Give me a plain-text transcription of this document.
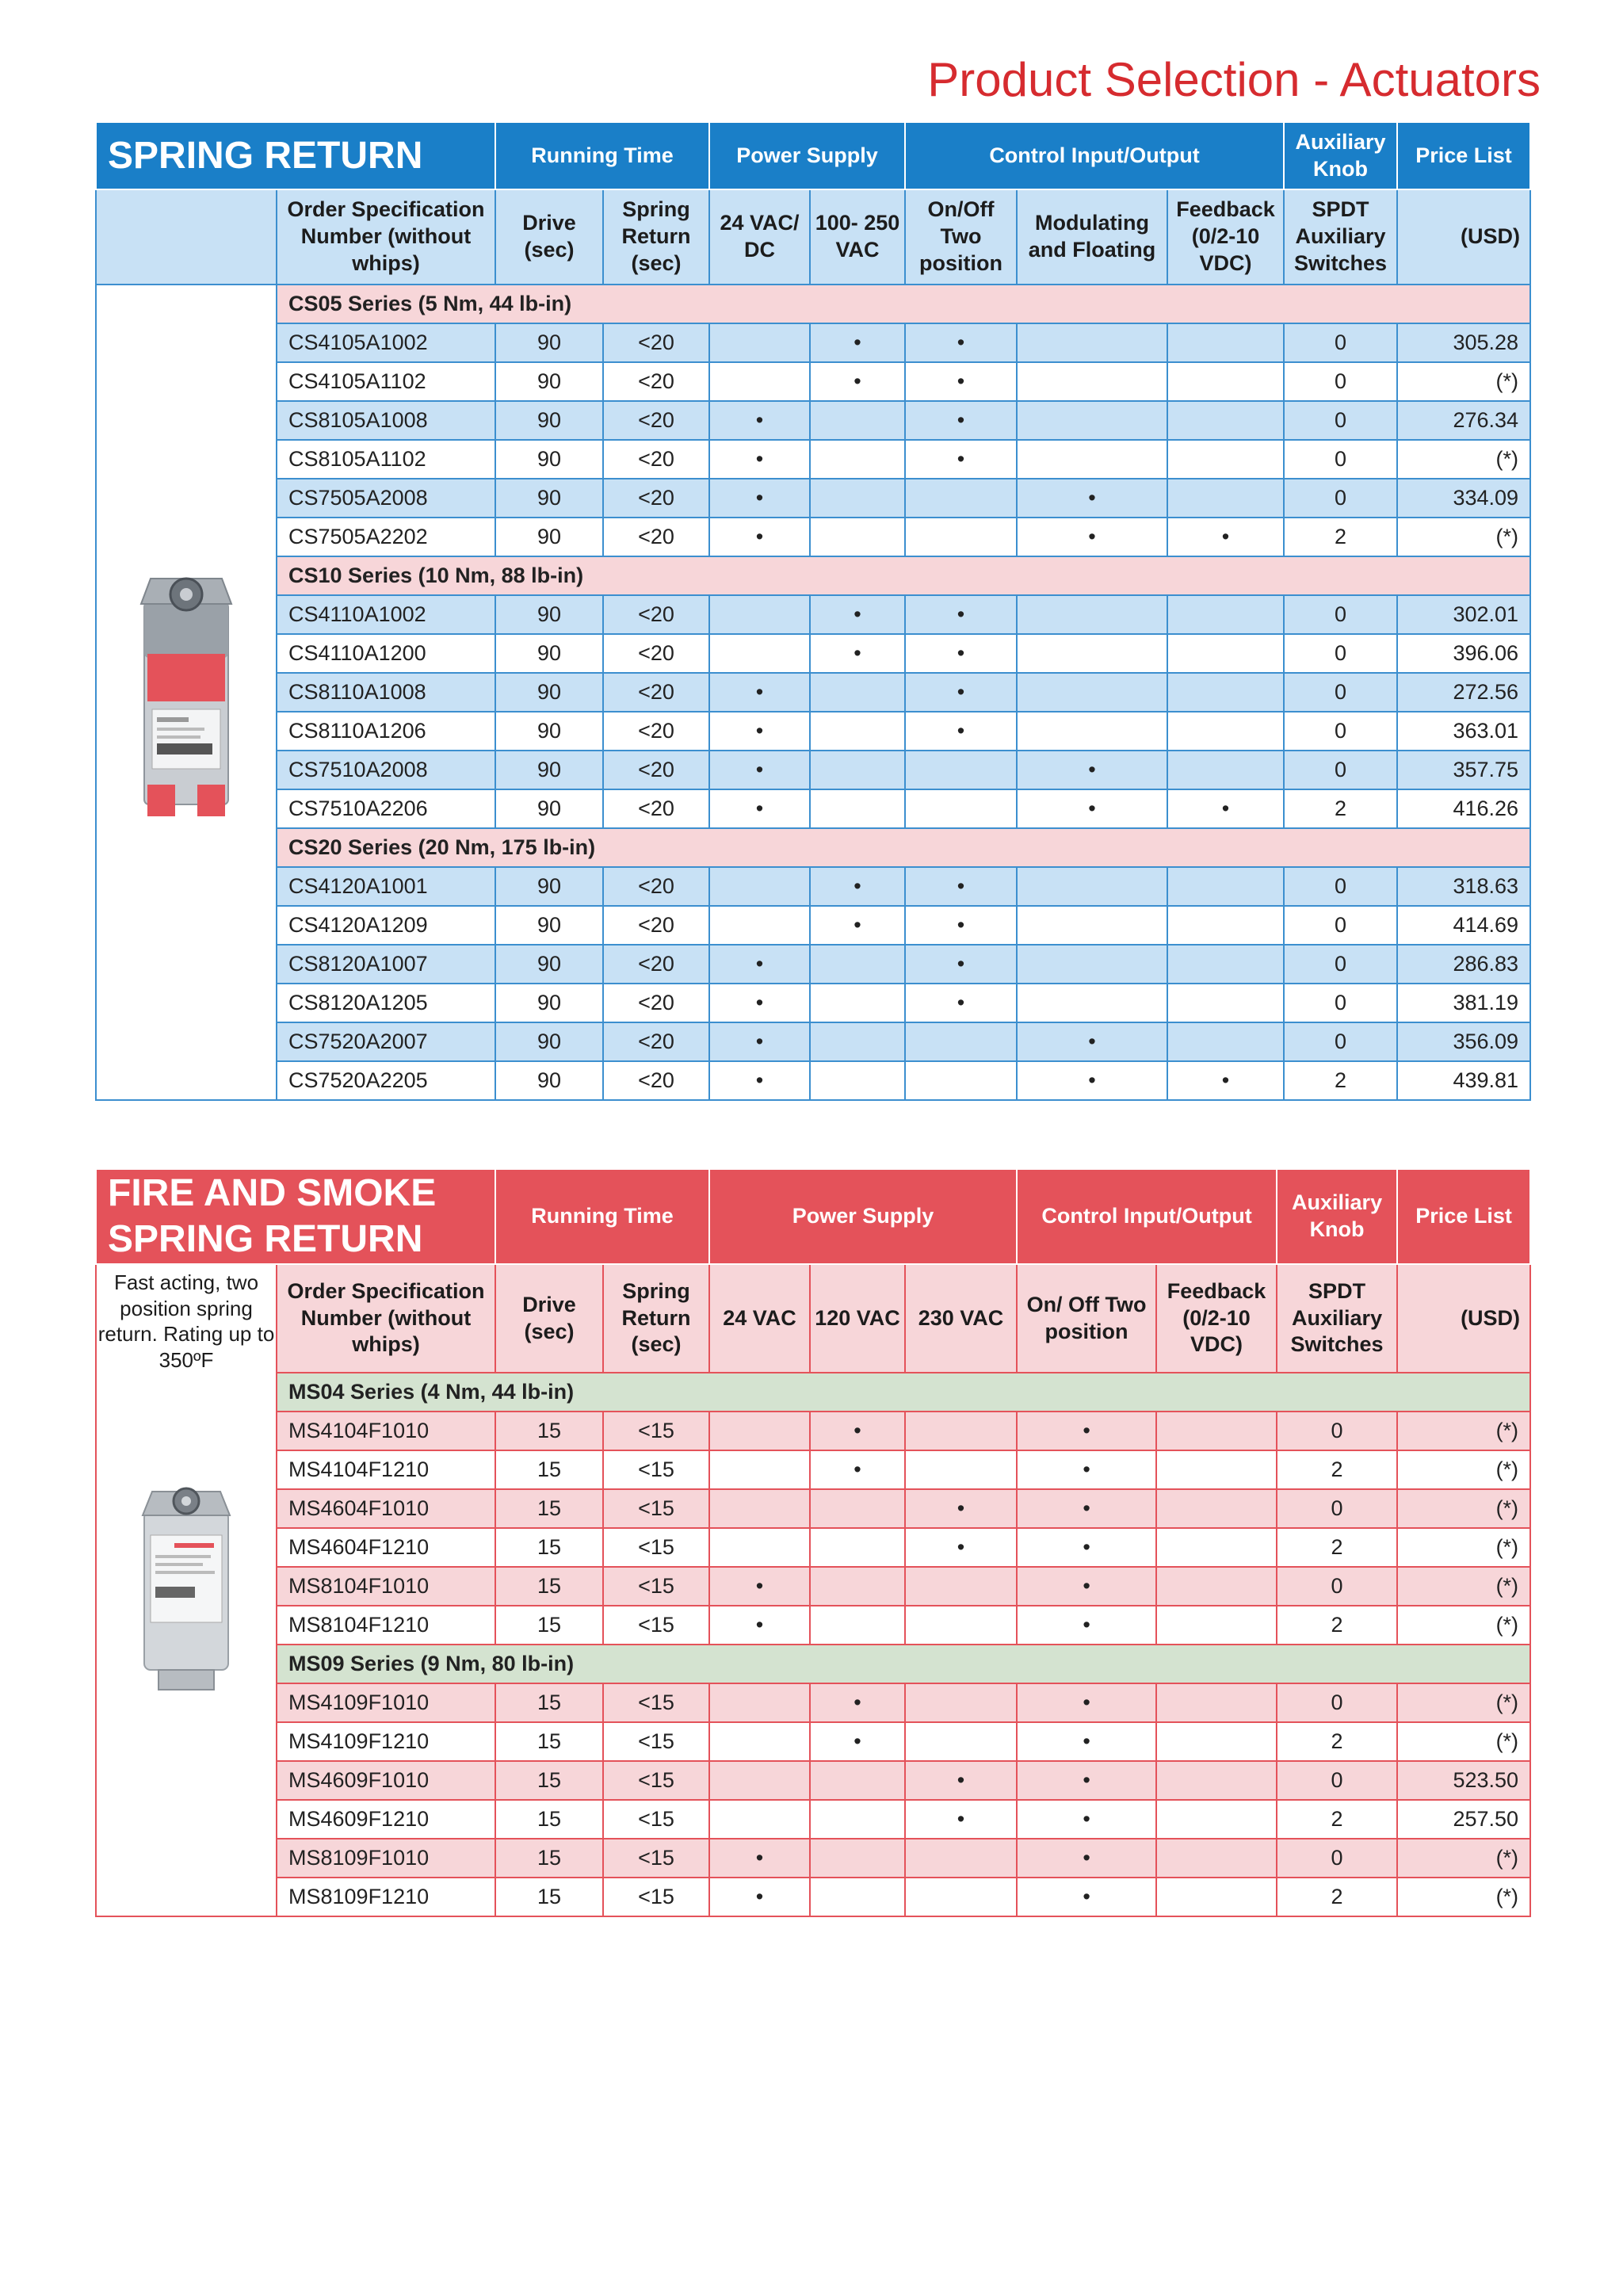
Product Selection - Actuators
SPRING RETURN		Running Time		Power Supply		Control Input/Output			Auxiliary Knob	Price List
	Order Specification Number (without whips)	Drive (sec)	Spring Return (sec)	24 VAC/ DC	100- 250 VAC	On/Off Two position	Modulating and Floating	Feedback (0/2-10 VDC)	SPDT Auxiliary Switches	(USD)
	CS05 Series (5 Nm, 44 lb-in)									
	CS4105A1002	90	<20		•	•			0	305.28
	CS4105A1102	90	<20		•	•			0	(*)
	CS8105A1008	90	<20	•		•			0	276.34
	CS8105A1102	90	<20	•		•			0	(*)
	CS7505A2008	90	<20	•			•		0	334.09
	CS7505A2202	90	<20	•			•	•	2	(*)
	CS10 Series (10 Nm, 88 lb-in)									
	CS4110A1002	90	<20		•	•			0	302.01
	CS4110A1200	90	<20		•	•			0	396.06
	CS8110A1008	90	<20	•		•			0	272.56
	CS8110A1206	90	<20	•		•			0	363.01
	CS7510A2008	90	<20	•			•		0	357.75
	CS7510A2206	90	<20	•			•	•	2	416.26
	CS20 Series (20 Nm, 175 lb-in)									
	CS4120A1001	90	<20		•	•			0	318.63
	CS4120A1209	90	<20		•	•			0	414.69
	CS8120A1007	90	<20	•		•			0	286.83
	CS8120A1205	90	<20	•		•			0	381.19
	CS7520A2007	90	<20	•			•		0	356.09
	CS7520A2205	90	<20	•			•	•	2	439.81
FIRE AND SMOKE
SPRING RETURN		Running Time		Power Supply			Control Input/Output		Auxiliary Knob	Price List
Fast acting, two position spring return. Rating up to 350ºF	Order Specification Number (without whips)	Drive (sec)	Spring Return (sec)	24 VAC	120 VAC	230 VAC	On/ Off Two position	Feedback (0/2-10 VDC)	SPDT Auxiliary Switches	(USD)
	MS04 Series (4 Nm, 44 lb-in)									
	MS4104F1010	15	<15		•		•		0	(*)
	MS4104F1210	15	<15		•		•		2	(*)
	MS4604F1010	15	<15			•	•		0	(*)
	MS4604F1210	15	<15			•	•		2	(*)
	MS8104F1010	15	<15	•			•		0	(*)
	MS8104F1210	15	<15	•			•		2	(*)
	MS09 Series (9 Nm, 80 lb-in)									
	MS4109F1010	15	<15		•		•		0	(*)
	MS4109F1210	15	<15		•		•		2	(*)
	MS4609F1010	15	<15			•	•		0	523.50
	MS4609F1210	15	<15			•	•		2	257.50
	MS8109F1010	15	<15	•			•		0	(*)
	MS8109F1210	15	<15	•			•		2	(*)
